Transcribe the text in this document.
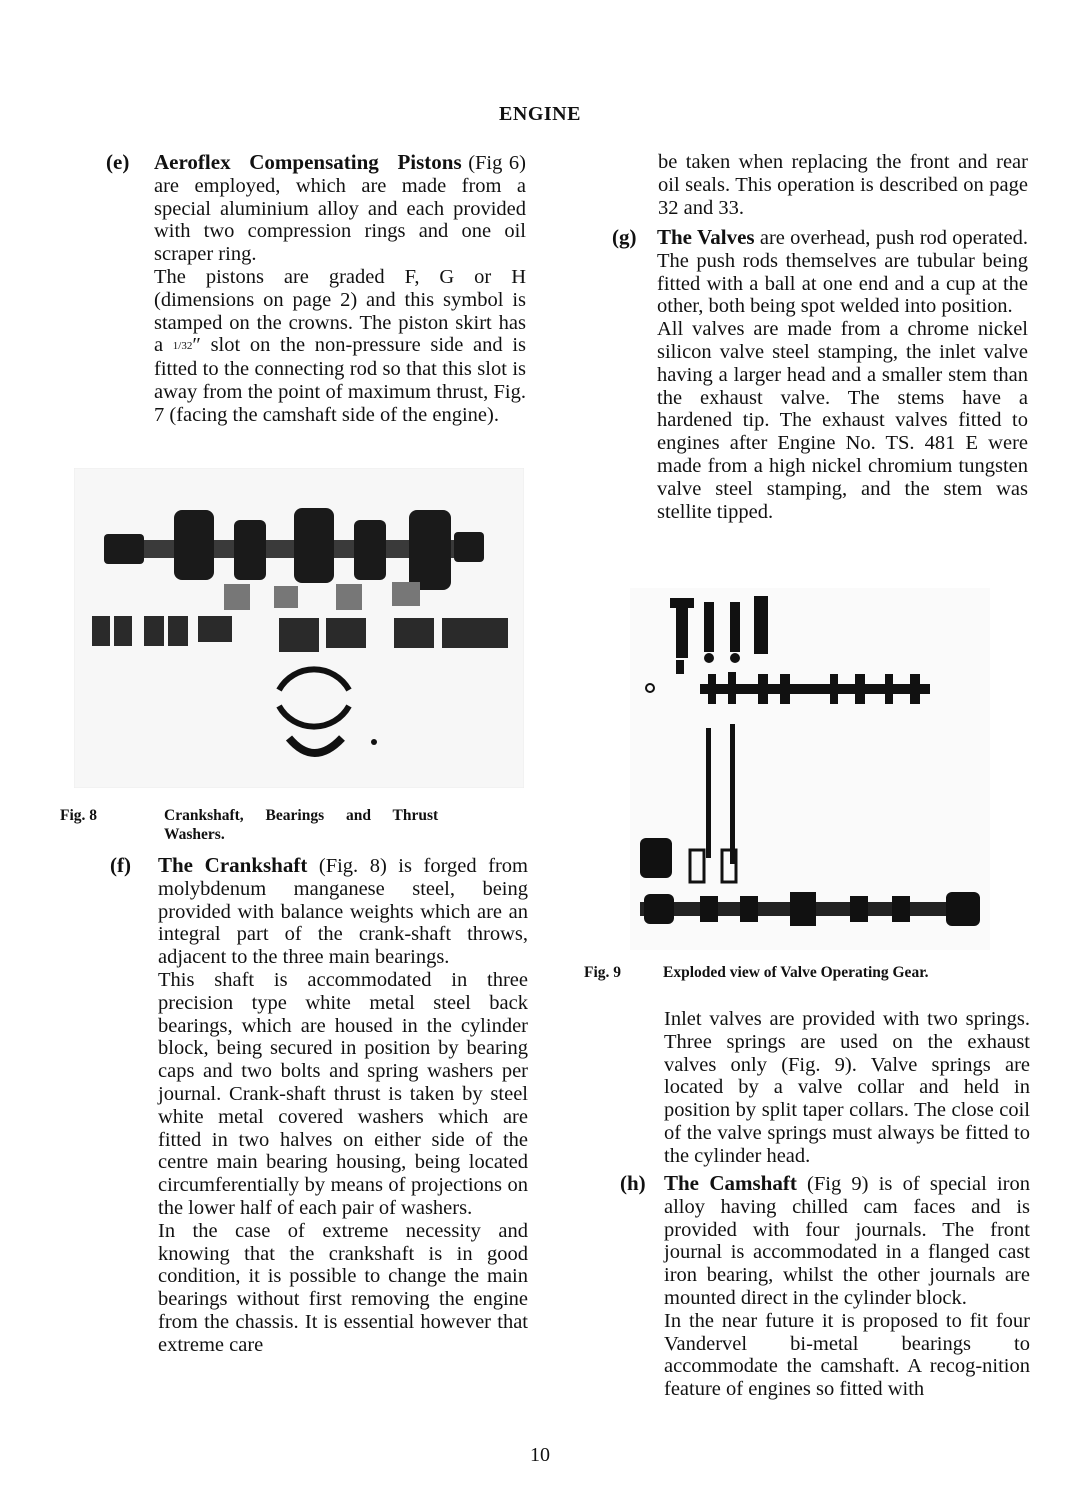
ENGINE
(e) Aeroflex Compensating Pistons (Fig 6) are employed, which are made from a special aluminium alloy and each provided with two compression rings and one oil scraper ring.

The pistons are graded F, G or H (dimensions on page 2) and this symbol is stamped on the crowns. The piston skirt has a 1/32″ slot on the non-pressure side and is fitted to the connecting rod so that this slot is away from the point of maximum thrust, Fig. 7 (facing the camshaft side of the engine).

Fig. 8	Crankshaft, Bearings and Thrust Washers.
(f) The Crankshaft (Fig. 8) is forged from molybdenum manganese steel, being provided with balance weights which are an integral part of the crank-shaft throws, adjacent to the three main bearings.

This shaft is accommodated in three precision type white metal steel back bearings, which are housed in the cylinder block, being secured in position by bearing caps and two bolts and spring washers per journal. Crank-shaft thrust is taken by steel white metal covered washers which are fitted in two halves on either side of the centre main bearing housing, being located circumferentially by means of projections on the lower half of each pair of washers.

In the case of extreme necessity and knowing that the crankshaft is in good condition, it is possible to change the main bearings without first removing the engine from the chassis. It is essential however that extreme care

be taken when replacing the front and rear oil seals. This operation is described on page 32 and 33.

(g) The Valves are overhead, push rod operated. The push rods themselves are tubular being fitted with a ball at one end and a cup at the other, both being spot welded into position.

All valves are made from a chrome nickel silicon valve steel stamping, the inlet valve having a larger head and a smaller stem than the exhaust valve. The stems have a hardened tip. The exhaust valves fitted to engines after Engine No. TS. 481 E were made from a high nickel chromium tungsten valve steel stamping, and the stem was stellite tipped.

Fig. 9	Exploded view of Valve Operating Gear.

Inlet valves are provided with two springs. Three springs are used on the exhaust valves only (Fig. 9). Valve springs are located by a valve collar and held in position by split taper collars. The close coil of the valve springs must always be fitted to the cylinder head.

(h) The Camshaft (Fig 9) is of special iron alloy having chilled cam faces and is provided with four journals. The front journal is accommodated in a flanged cast iron bearing, whilst the other journals are mounted direct in the cylinder block.

In the near future it is proposed to fit four Vandervel bi-metal bearings to accommodate the camshaft. A recog-nition feature of engines so fitted with

10
